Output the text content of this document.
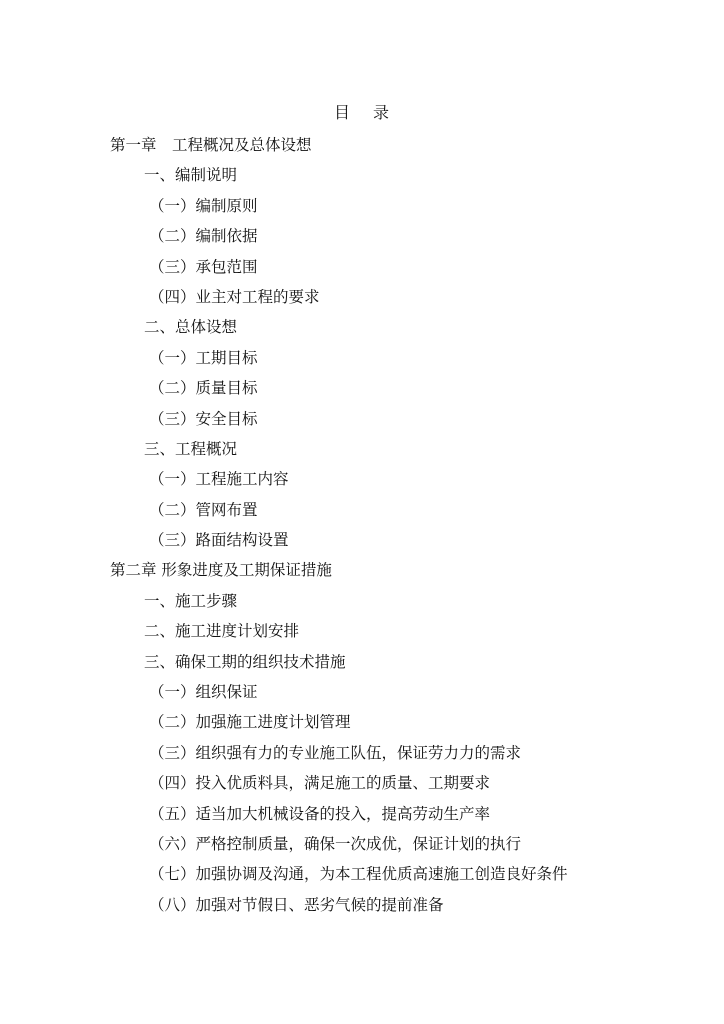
目 录
第一章　工程概况及总体设想
一、编制说明
（一）编制原则
（二）编制依据
（三）承包范围
（四）业主对工程的要求
二、总体设想
（一）工期目标
（二）质量目标
（三）安全目标
三、工程概况
（一）工程施工内容
（二）管网布置
（三）路面结构设置
第二章 形象进度及工期保证措施
一、施工步骤
二、施工进度计划安排
三、确保工期的组织技术措施
（一）组织保证
（二）加强施工进度计划管理
（三）组织强有力的专业施工队伍，保证劳力力的需求
（四）投入优质料具，满足施工的质量、工期要求
（五）适当加大机械设备的投入，提高劳动生产率
（六）严格控制质量，确保一次成优，保证计划的执行
（七）加强协调及沟通，为本工程优质高速施工创造良好条件
（八）加强对节假日、恶劣气候的提前准备
